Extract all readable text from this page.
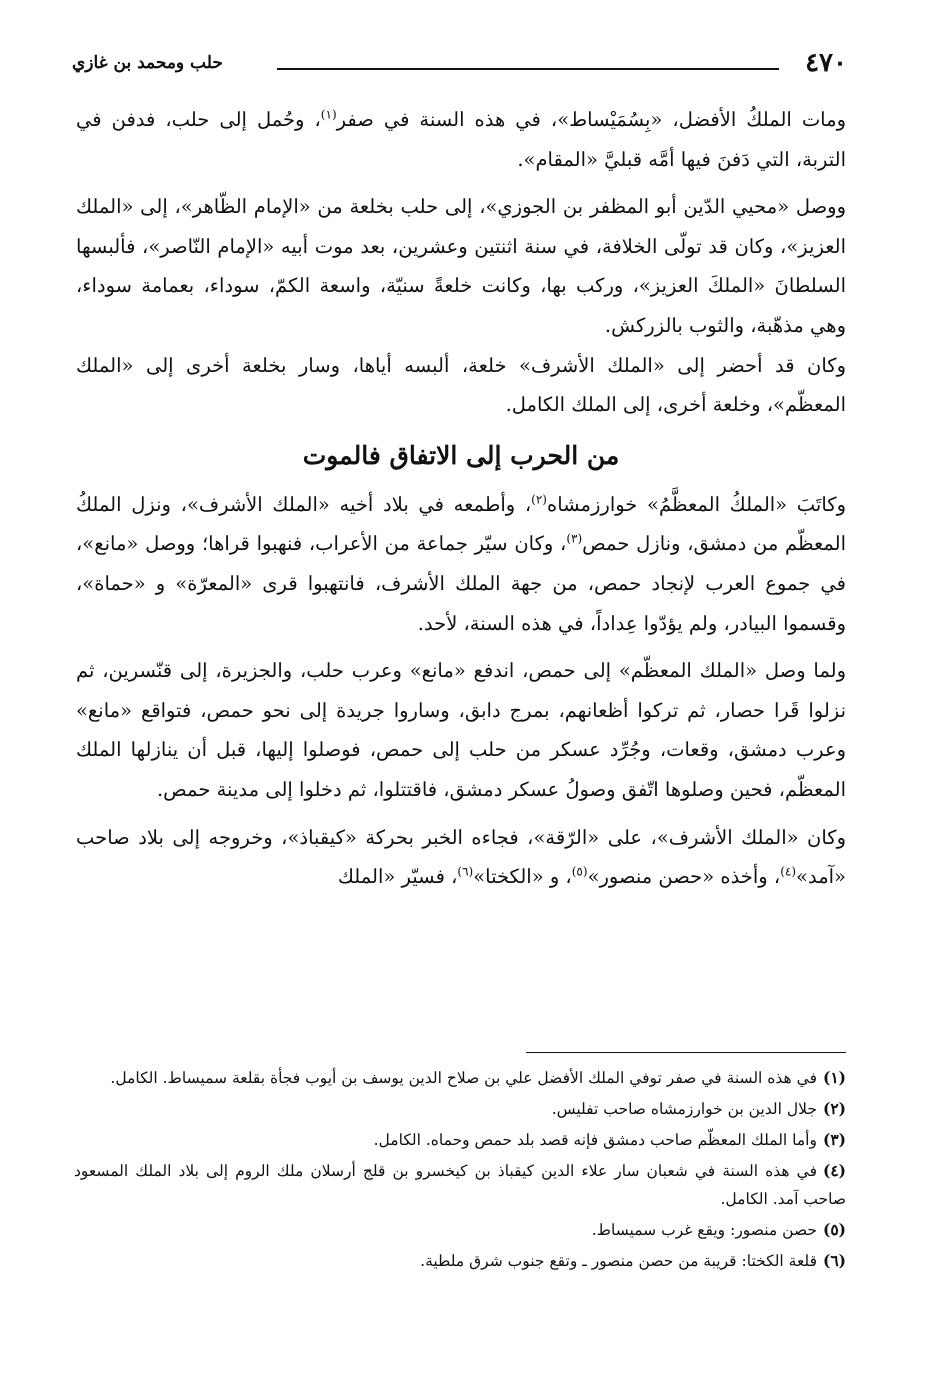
٤٧٠
حلب ومحمد بن غازي

ومات الملكُ الأفضل، «بِسُمَيْساط»، في هذه السنة في صفر$^{(١)}$، وحُمل إلى حلب، فدفن في التربة، التي دَفنَ فيها أمَّه قبليَّ «المقام».

ووصل «محيي الدّين أبو المظفر بن الجوزي»، إلى حلب بخلعة من «الإمام الظّاهر»، إلى «الملك العزيز»، وكان قد تولّى الخلافة، في سنة اثنتين وعشرين، بعد موت أبيه «الإمام النّاصر»، فألبسها السلطانَ «الملكَ العزيز»، وركب بها، وكانت خلعةً سنيّة، واسعة الكمّ، سوداء، بعمامة سوداء، وهي مذهّبة، والثوب بالزركش.

وكان قد أحضر إلى «الملك الأشرف» خلعة، ألبسه أياها، وسار بخلعة أخرى إلى «الملك المعظّم»، وخلعة أخرى، إلى الملك الكامل.

من الحرب إلى الاتفاق فالموت

وكاتَبَ «الملكُ المعظَّمُ» خوارزمشاه$^{(٢)}$، وأطمعه في بلاد أخيه «الملك الأشرف»، ونزل الملكُ المعظّم من دمشق، ونازل حمص$^{(٣)}$، وكان سيّر جماعة من الأعراب، فنهبوا قراها؛ ووصل «مانع»، في جموع العرب لإنجاد حمص، من جهة الملك الأشرف، فانتهبوا قرى «المعرّة» و «حماة»، وقسموا البيادر، ولم يؤدّوا عِداداً، في هذه السنة، لأحد.

ولما وصل «الملك المعظّم» إلى حمص، اندفع «مانع» وعرب حلب، والجزيرة، إلى قنّسرين، ثم نزلوا قَرا حصار، ثم تركوا أظعانهم، بمرج دابق، وساروا جريدة إلى نحو حمص، فتواقع «مانع» وعرب دمشق، وقعات، وجُرِّد عسكر من حلب إلى حمص، فوصلوا إليها، قبل أن ينازلها الملك المعظّم، فحين وصلوها اتّفق وصولُ عسكر دمشق، فاقتتلوا، ثم دخلوا إلى مدينة حمص.

وكان «الملك الأشرف»، على «الرّقة»، فجاءه الخبر بحركة «كيقباذ»، وخروجه إلى بلاد صاحب «آمد»$^{(٤)}$، وأخذه «حصن منصور»$^{(٥)}$، و «الكختا»$^{(٦)}$، فسيّر «الملك

(١)في هذه السنة في صفر توفي الملك الأفضل علي بن صلاح الدين يوسف بن أيوب فجأة بقلعة سميساط. الكامل.
(٢)جلال الدين بن خوارزمشاه صاحب تفليس.
(٣)وأما الملك المعظّم صاحب دمشق فإنه قصد بلد حمص وحماه. الكامل.
(٤)في هذه السنة في شعبان سار علاء الدين كيقباذ بن كيخسرو بن قلج أرسلان ملك الروم إلى بلاد الملك المسعود صاحب آمد. الكامل.
(٥)حصن منصور: ويقع غرب سميساط.
(٦)قلعة الكختا: قريبة من حصن منصور ـ وتقع جنوب شرق ملطية.
